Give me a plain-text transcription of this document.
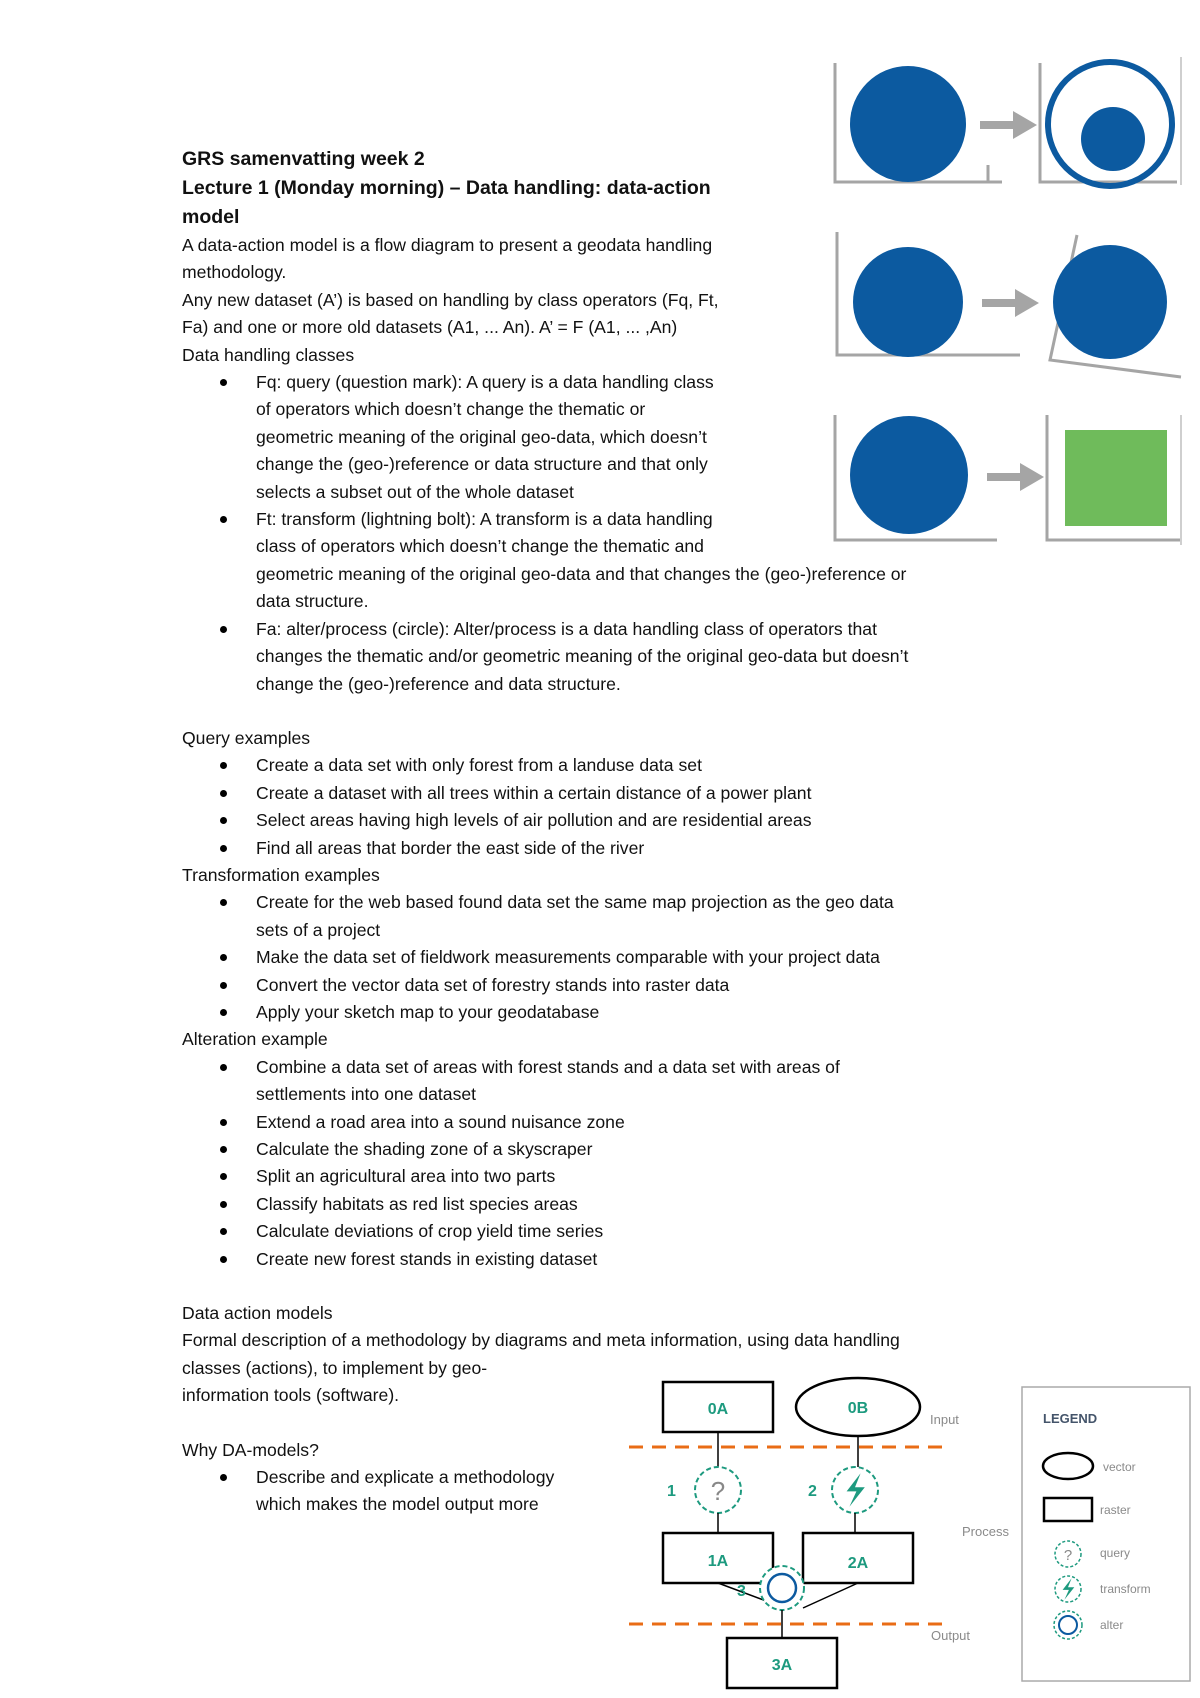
GRS samenvatting week 2

Lecture 1 (Monday morning) – Data handling: data-action

model

A data-action model is a flow diagram to present a geodata handling
methodology.
Any new dataset (A’) is based on handling by class operators (Fq, Ft,
Fa) and one or more old datasets (A1, ... An). A’ = F (A1, ... ,An)
Data handling classes
Fq: query (question mark): A query is a data handling class
of operators which doesn’t change the thematic or
geometric meaning of the original geo-data, which doesn’t
change the (geo-)reference or data structure and that only
selects a subset out of the whole dataset
Ft: transform (lightning bolt): A transform is a data handling
class of operators which doesn’t change the thematic and
geometric meaning of the original geo-data and that changes the (geo-)reference or
data structure.
Fa: alter/process (circle): Alter/process is a data handling class of operators that
changes the thematic and/or geometric meaning of the original geo-data but doesn’t
change the (geo-)reference and data structure.

Query examples

Create a data set with only forest from a landuse data set
Create a dataset with all trees within a certain distance of a power plant
Select areas having high levels of air pollution and are residential areas
Find all areas that border the east side of the river

Transformation examples

Create for the web based found data set the same map projection as the geo data
sets of a project
Make the data set of fieldwork measurements comparable with your project data
Convert the vector data set of forestry stands into raster data
Apply your sketch map to your geodatabase

Alteration example

Combine a data set of areas with forest stands and a data set with areas of
settlements into one dataset
Extend a road area into a sound nuisance zone
Calculate the shading zone of a skyscraper
Split an agricultural area into two parts
Classify habitats as red list species areas
Calculate deviations of crop yield time series
Create new forest stands in existing dataset

Data action models

Formal description of a methodology by diagrams and meta information, using data handling
classes (actions), to implement by geo-
information tools (software).

Why DA-models?

Describe and explicate a methodology
which makes the model output more
0A	0B
Input
1 ?	2
1A	2A
Process
3
3A
Output
LEGEND
vector
raster
? query
transform
alter
